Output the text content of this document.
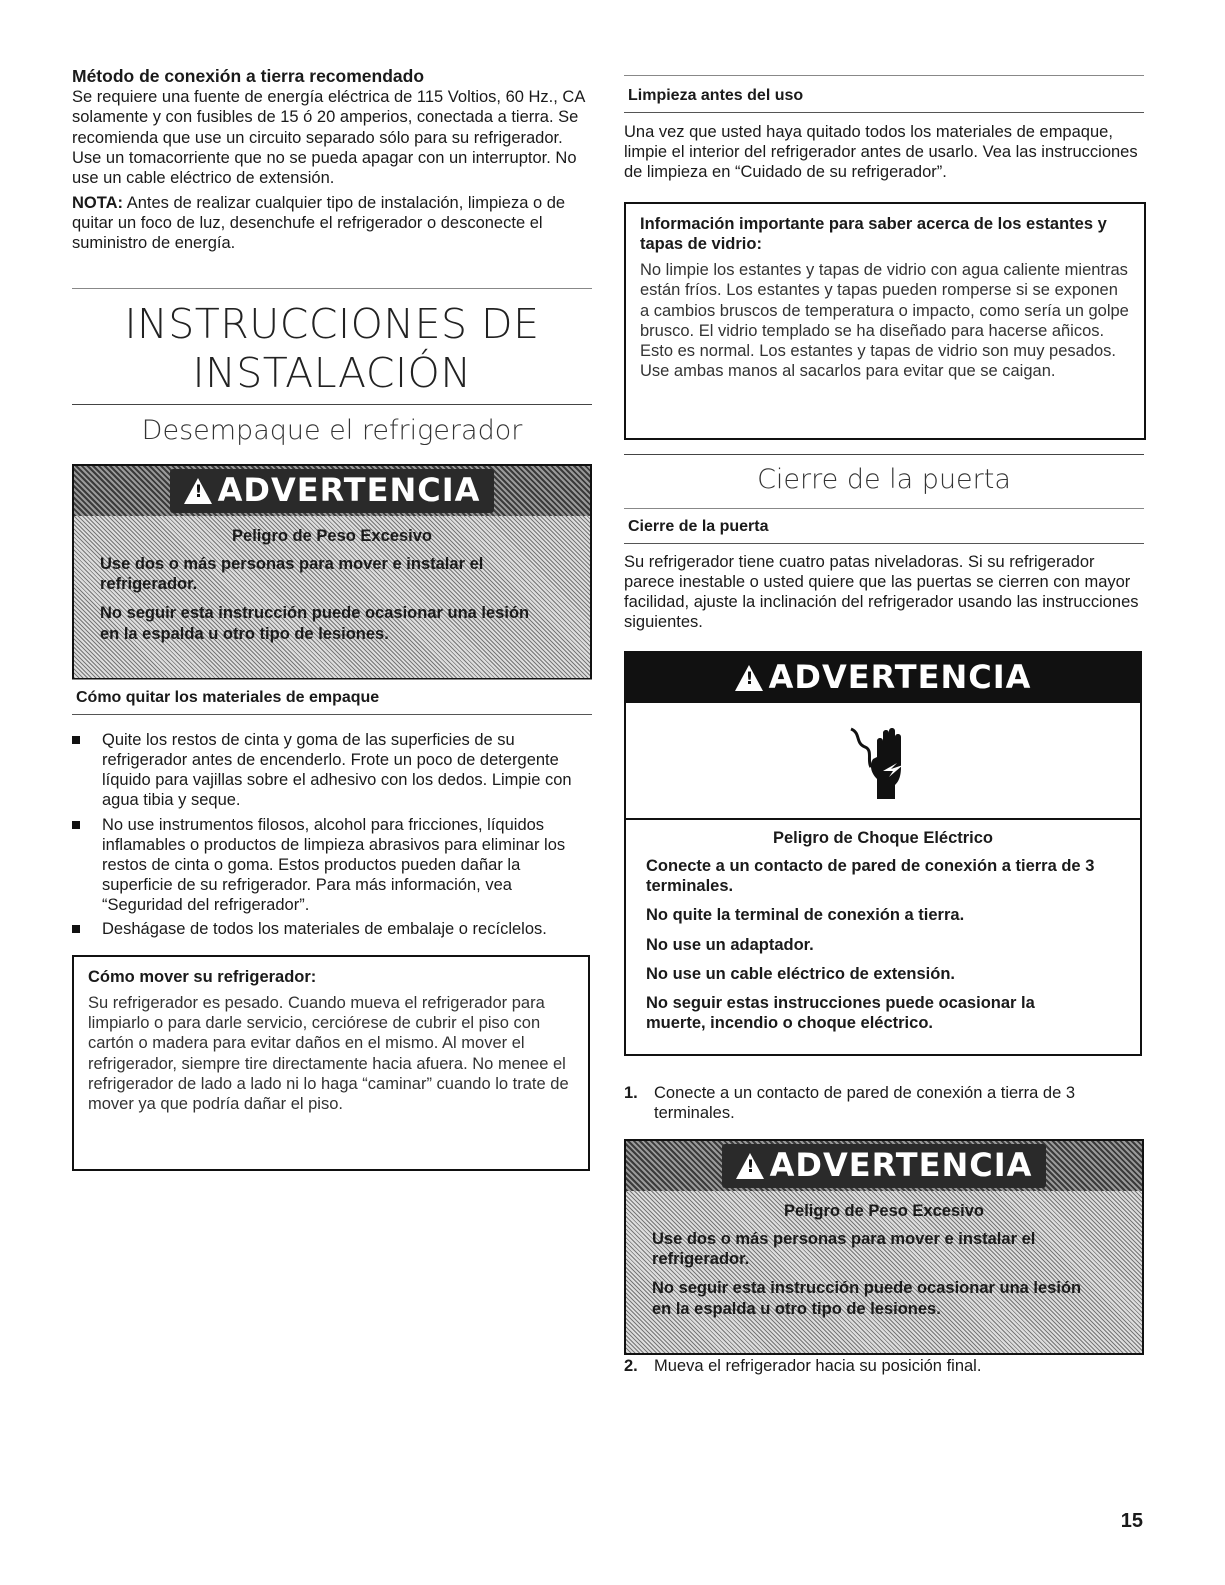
Método de conexión a tierra recomendado

Se requiere una fuente de energía eléctrica de 115 Voltios, 60 Hz., CA solamente y con fusibles de 15 ó 20 amperios, conectada a tierra. Se recomienda que use un circuito separado sólo para su refrigerador. Use un tomacorriente que no se pueda apagar con un interruptor. No use un cable eléctrico de extensión.

NOTA: Antes de realizar cualquier tipo de instalación, limpieza o de quitar un foco de luz, desenchufe el refrigerador o desconecte el suministro de energía.

INSTRUCCIONES DE
INSTALACIÓN
Desempaque el refrigerador
!
ADVERTENCIA
Peligro de Peso Excesivo

Use dos o más personas para mover e instalar el refrigerador.

No seguir esta instrucción puede ocasionar una lesión en la espalda u otro tipo de lesiones.

Cómo quitar los materiales de empaque
Quite los restos de cinta y goma de las superficies de su refrigerador antes de encenderlo. Frote un poco de detergente líquido para vajillas sobre el adhesivo con los dedos. Limpie con agua tibia y seque.
No use instrumentos filosos, alcohol para fricciones, líquidos inflamables o productos de limpieza abrasivos para eliminar los restos de cinta o goma. Estos productos pueden dañar la superficie de su refrigerador. Para más información, vea “Seguridad del refrigerador”.
Deshágase de todos los materiales de embalaje o recíclelos.
Cómo mover su refrigerador:
Su refrigerador es pesado. Cuando mueva el refrigerador para limpiarlo o para darle servicio, cerciórese de cubrir el piso con cartón o madera para evitar daños en el mismo. Al mover el refrigerador, siempre tire directamente hacia afuera. No menee el refrigerador de lado a lado ni lo haga “caminar” cuando lo trate de mover ya que podría dañar el piso.
Limpieza antes del uso

Una vez que usted haya quitado todos los materiales de empaque, limpie el interior del refrigerador antes de usarlo. Vea las instrucciones de limpieza en “Cuidado de su refrigerador”.

Información importante para saber acerca de los estantes y tapas de vidrio:
No limpie los estantes y tapas de vidrio con agua caliente mientras están fríos. Los estantes y tapas pueden romperse si se exponen a cambios bruscos de temperatura o impacto, como sería un golpe brusco. El vidrio templado se ha diseñado para hacerse añicos. Esto es normal. Los estantes y tapas de vidrio son muy pesados. Use ambas manos al sacarlos para evitar que se caigan.
Cierre de la puerta
Cierre de la puerta

Su refrigerador tiene cuatro patas niveladoras. Si su refrigerador parece inestable o usted quiere que las puertas se cierren con mayor facilidad, ajuste la inclinación del refrigerador usando las instrucciones siguientes.

!
ADVERTENCIA
Peligro de Choque Eléctrico

Conecte a un contacto de pared de conexión a tierra de 3 terminales.

No quite la terminal de conexión a tierra.

No use un adaptador.

No use un cable eléctrico de extensión.

No seguir estas instrucciones puede ocasionar la muerte, incendio o choque eléctrico.

1. Conecte a un contacto de pared de conexión a tierra de 3 terminales.
!
ADVERTENCIA
Peligro de Peso Excesivo

Use dos o más personas para mover e instalar el refrigerador.

No seguir esta instrucción puede ocasionar una lesión en la espalda u otro tipo de lesiones.

2. Mueva el refrigerador hacia su posición final.
15
